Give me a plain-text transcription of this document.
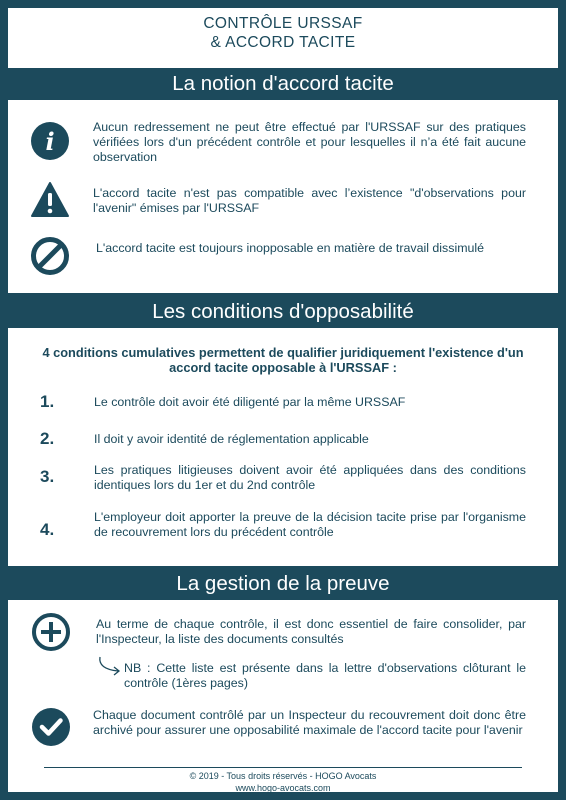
CONTRÔLE URSSAF
& ACCORD TACITE
La notion d'accord tacite
i	Aucun redressement ne peut être effectué par l'URSSAF sur des pratiques vérifiées lors d'un précédent contrôle et pour lesquelles il n’a été fait aucune observation
L'accord tacite n'est pas compatible avec l’existence "d'observations pour l'avenir" émises par l'URSSAF
L'accord tacite est toujours inopposable en matière de travail dissimulé
Les conditions d'opposabilité
4 conditions cumulatives permettent de qualifier juridiquement l'existence d'un accord tacite opposable à l'URSSAF :
1.	Le contrôle doit avoir été diligenté par la même URSSAF
2.	Il doit y avoir identité de réglementation applicable
3.	Les pratiques litigieuses doivent avoir été appliquées dans des conditions identiques lors du 1er et du 2nd contrôle
4.
L'employeur doit apporter la preuve de la décision tacite prise par l'organisme de recouvrement lors du précédent contrôle
La gestion de la preuve
Au terme de chaque contrôle, il est donc essentiel de faire consolider, par l'Inspecteur, la liste des documents consultés
NB : Cette liste est présente dans la lettre d'observations clôturant le contrôle (1ères pages)
Chaque document contrôlé par un Inspecteur du recouvrement doit donc être archivé pour assurer une opposabilité maximale de l'accord tacite pour l'avenir
© 2019 - Tous droits réservés - HOGO Avocats
www.hogo-avocats.com
